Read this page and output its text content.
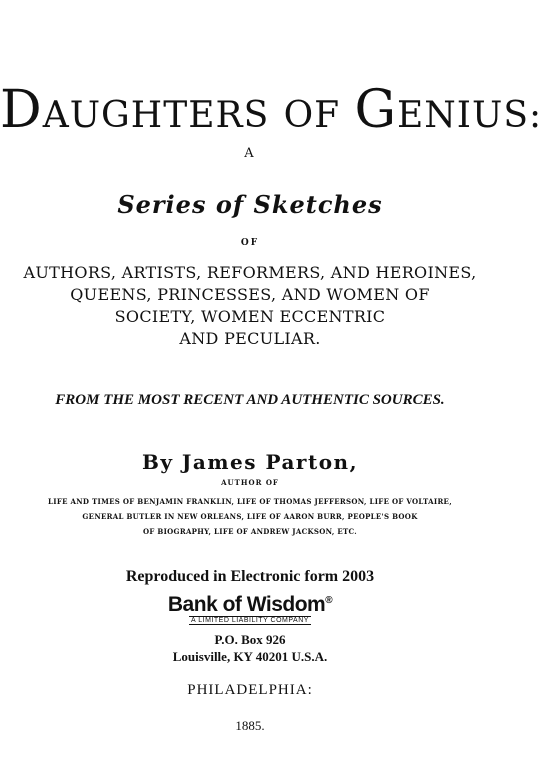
DAUGHTERS OF GENIUS:
A
Series of Sketches
OF
AUTHORS, ARTISTS, REFORMERS, AND HEROINES,
QUEENS, PRINCESSES, AND WOMEN OF
SOCIETY, WOMEN ECCENTRIC
AND PECULIAR.
FROM THE MOST RECENT AND AUTHENTIC SOURCES.
By James Parton,
AUTHOR OF
LIFE AND TIMES OF BENJAMIN FRANKLIN, LIFE OF THOMAS JEFFERSON, LIFE OF VOLTAIRE,
GENERAL BUTLER IN NEW ORLEANS, LIFE OF AARON BURR, PEOPLE'S BOOK
OF BIOGRAPHY, LIFE OF ANDREW JACKSON, ETC.
Reproduced in Electronic form 2003
Bank of Wisdom®
A LIMITED LIABILITY COMPANY
P.O. Box 926
Louisville, KY 40201 U.S.A.
PHILADELPHIA:
1885.
